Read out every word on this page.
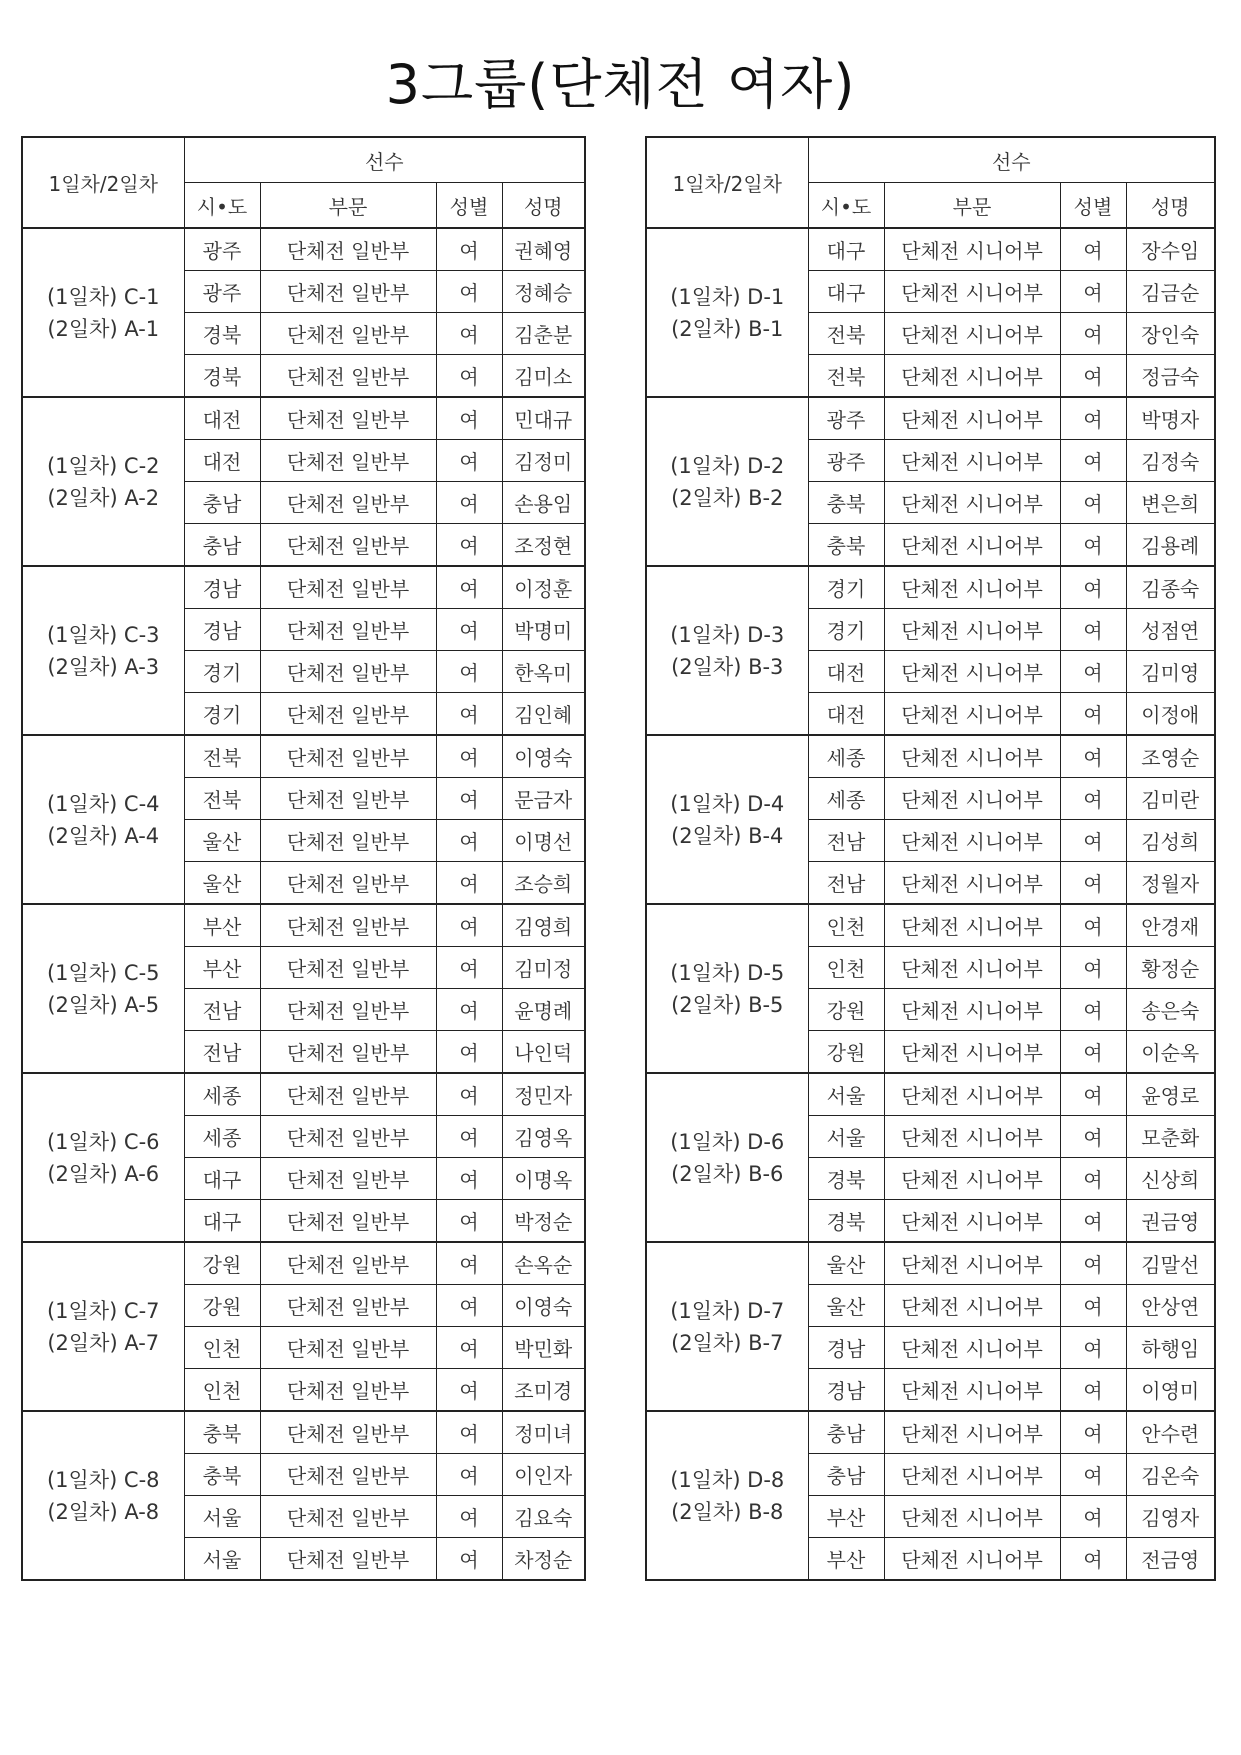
3그룹(단체전 여자)
1일차/2일차	선수			
	시•도	부문	성별	성명

(1일차) C-1
(2일차) A-1	광주	단체전 일반부	여	권혜영
	광주	단체전 일반부	여	정혜승
	경북	단체전 일반부	여	김춘분
	경북	단체전 일반부	여	김미소

(1일차) C-2
(2일차) A-2	대전	단체전 일반부	여	민대규
	대전	단체전 일반부	여	김정미
	충남	단체전 일반부	여	손용임
	충남	단체전 일반부	여	조정현

(1일차) C-3
(2일차) A-3	경남	단체전 일반부	여	이정훈
	경남	단체전 일반부	여	박명미
	경기	단체전 일반부	여	한옥미
	경기	단체전 일반부	여	김인혜

(1일차) C-4
(2일차) A-4	전북	단체전 일반부	여	이영숙
	전북	단체전 일반부	여	문금자
	울산	단체전 일반부	여	이명선
	울산	단체전 일반부	여	조승희

(1일차) C-5
(2일차) A-5	부산	단체전 일반부	여	김영희
	부산	단체전 일반부	여	김미정
	전남	단체전 일반부	여	윤명례
	전남	단체전 일반부	여	나인덕

(1일차) C-6
(2일차) A-6	세종	단체전 일반부	여	정민자
	세종	단체전 일반부	여	김영옥
	대구	단체전 일반부	여	이명옥
	대구	단체전 일반부	여	박정순

(1일차) C-7
(2일차) A-7	강원	단체전 일반부	여	손옥순
	강원	단체전 일반부	여	이영숙
	인천	단체전 일반부	여	박민화
	인천	단체전 일반부	여	조미경

(1일차) C-8
(2일차) A-8	충북	단체전 일반부	여	정미녀
	충북	단체전 일반부	여	이인자
	서울	단체전 일반부	여	김요숙
	서울	단체전 일반부	여	차정순
1일차/2일차	선수			
	시•도	부문	성별	성명

(1일차) D-1
(2일차) B-1	대구	단체전 시니어부	여	장수임
	대구	단체전 시니어부	여	김금순
	전북	단체전 시니어부	여	장인숙
	전북	단체전 시니어부	여	정금숙

(1일차) D-2
(2일차) B-2	광주	단체전 시니어부	여	박명자
	광주	단체전 시니어부	여	김정숙
	충북	단체전 시니어부	여	변은희
	충북	단체전 시니어부	여	김용례

(1일차) D-3
(2일차) B-3	경기	단체전 시니어부	여	김종숙
	경기	단체전 시니어부	여	성점연
	대전	단체전 시니어부	여	김미영
	대전	단체전 시니어부	여	이정애

(1일차) D-4
(2일차) B-4	세종	단체전 시니어부	여	조영순
	세종	단체전 시니어부	여	김미란
	전남	단체전 시니어부	여	김성희
	전남	단체전 시니어부	여	정월자

(1일차) D-5
(2일차) B-5	인천	단체전 시니어부	여	안경재
	인천	단체전 시니어부	여	황정순
	강원	단체전 시니어부	여	송은숙
	강원	단체전 시니어부	여	이순옥

(1일차) D-6
(2일차) B-6	서울	단체전 시니어부	여	윤영로
	서울	단체전 시니어부	여	모춘화
	경북	단체전 시니어부	여	신상희
	경북	단체전 시니어부	여	권금영

(1일차) D-7
(2일차) B-7	울산	단체전 시니어부	여	김말선
	울산	단체전 시니어부	여	안상연
	경남	단체전 시니어부	여	하행임
	경남	단체전 시니어부	여	이영미

(1일차) D-8
(2일차) B-8	충남	단체전 시니어부	여	안수련
	충남	단체전 시니어부	여	김온숙
	부산	단체전 시니어부	여	김영자
	부산	단체전 시니어부	여	전금영
